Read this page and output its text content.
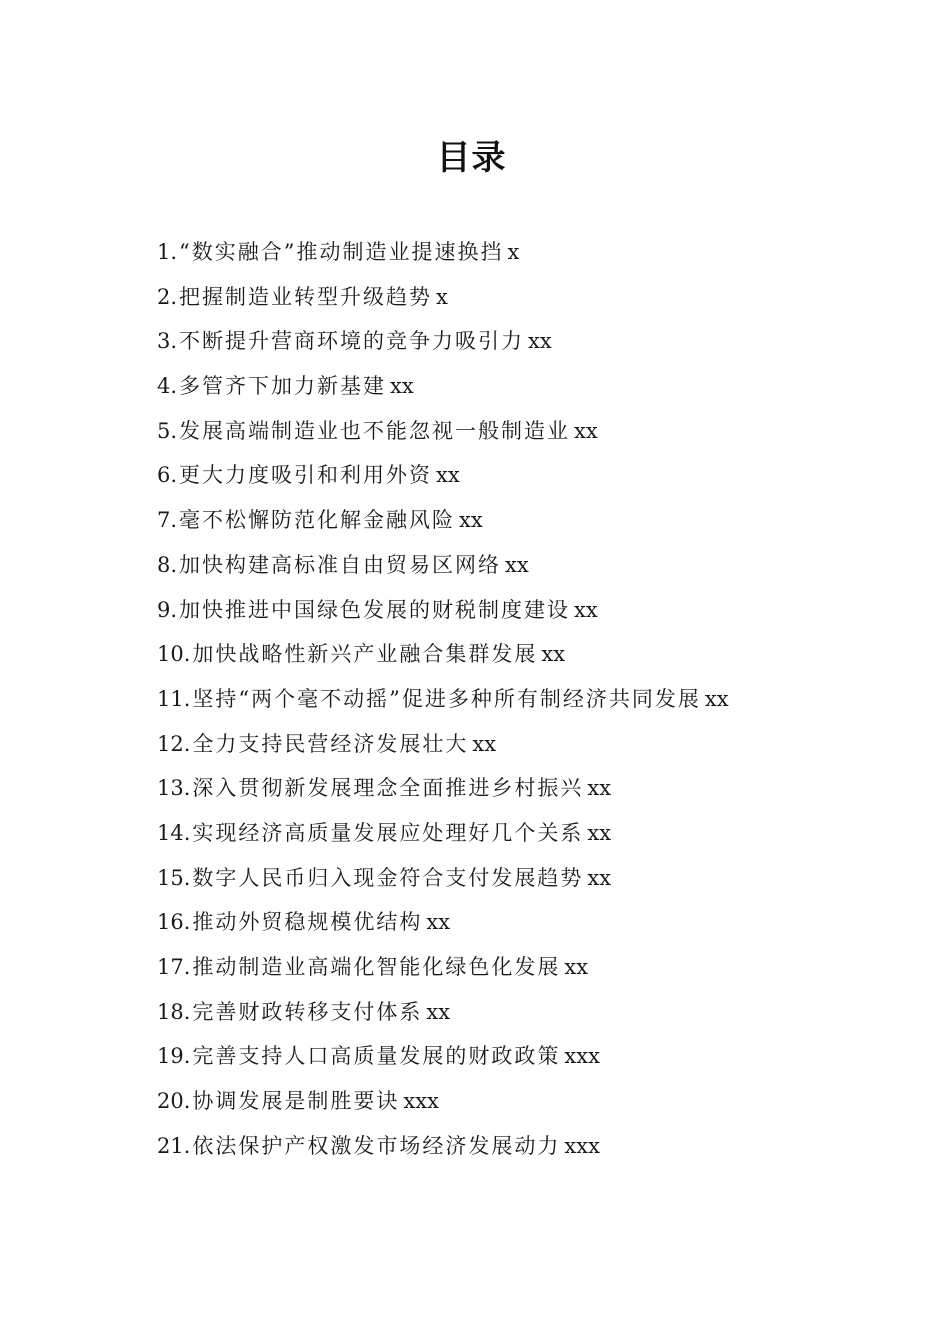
目录
1.“数实融合”推动制造业提速换挡 x
2.把握制造业转型升级趋势 x
3.不断提升营商环境的竞争力吸引力 xx
4.多管齐下加力新基建 xx
5.发展高端制造业也不能忽视一般制造业 xx
6.更大力度吸引和利用外资 xx
7.毫不松懈防范化解金融风险 xx
8.加快构建高标准自由贸易区网络 xx
9.加快推进中国绿色发展的财税制度建设 xx
10.加快战略性新兴产业融合集群发展 xx
11.坚持“两个毫不动摇”促进多种所有制经济共同发展 xx
12.全力支持民营经济发展壮大 xx
13.深入贯彻新发展理念全面推进乡村振兴 xx
14.实现经济高质量发展应处理好几个关系 xx
15.数字人民币归入现金符合支付发展趋势 xx
16.推动外贸稳规模优结构 xx
17.推动制造业高端化智能化绿色化发展 xx
18.完善财政转移支付体系 xx
19.完善支持人口高质量发展的财政政策 xxx
20.协调发展是制胜要诀 xxx
21.依法保护产权激发市场经济发展动力 xxx
